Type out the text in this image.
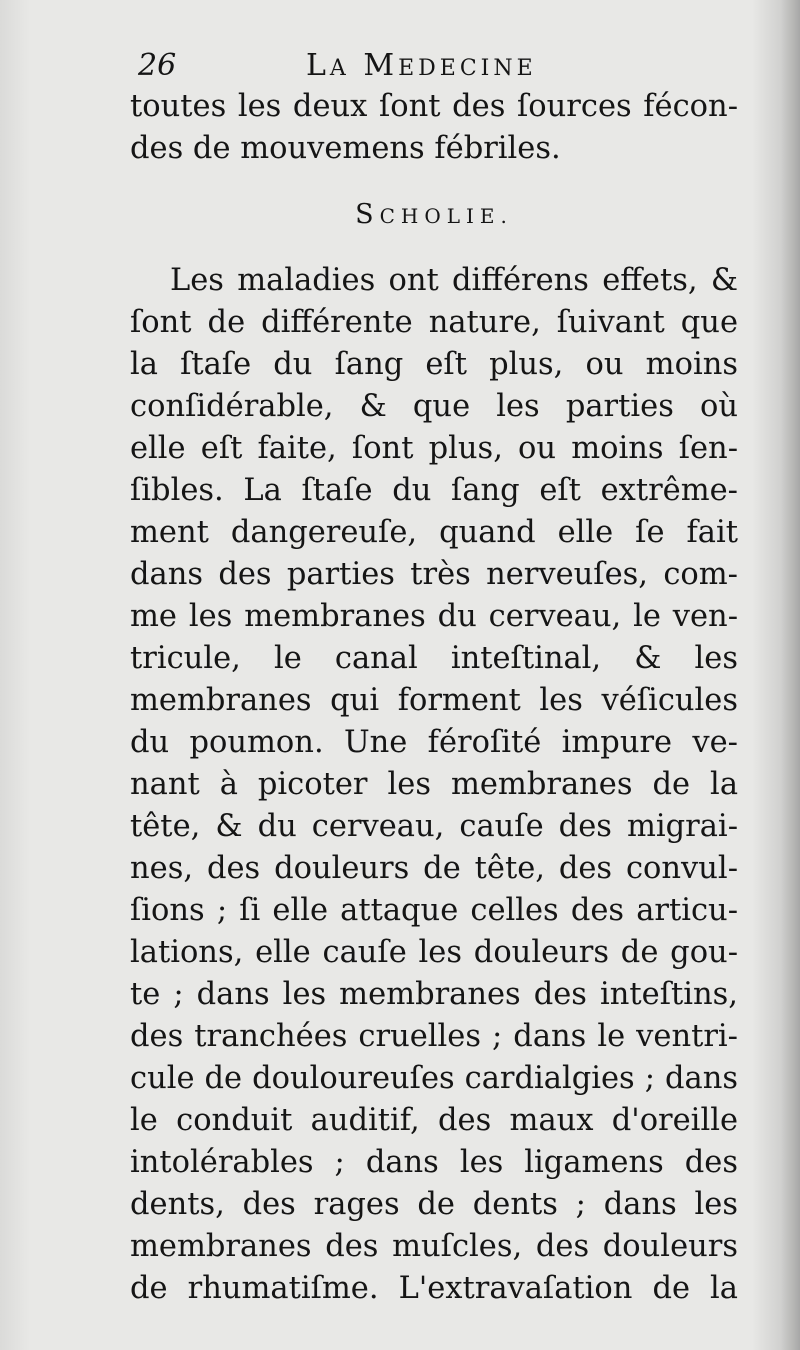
26	LA MEDECINE
toutes les deux ſont des ſources fécon-
des de mouvemens fébriles.
SCHOLIE.
Les maladies ont différens effets, &
ſont de différente nature, ſuivant que
la ſtaſe du ſang eſt plus, ou moins
conſidérable, & que les parties où
elle eſt faite, ſont plus, ou moins ſen-
ſibles. La ſtaſe du ſang eſt extrême-
ment dangereuſe, quand elle ſe fait
dans des parties très nerveuſes, com-
me les membranes du cerveau, le ven-
tricule, le canal inteſtinal, & les
membranes qui forment les véſicules
du poumon. Une féroſité impure ve-
nant à picoter les membranes de la
tête, & du cerveau, cauſe des migrai-
nes, des douleurs de tête, des convul-
ſions ; ſi elle attaque celles des articu-
lations, elle cauſe les douleurs de gou-
te ; dans les membranes des inteſtins,
des tranchées cruelles ; dans le ventri-
cule de douloureuſes cardialgies ; dans
le conduit auditif, des maux d'oreille
intolérables ; dans les ligamens des
dents, des rages de dents ; dans les
membranes des muſcles, des douleurs
de rhumatiſme. L'extravaſation de la
